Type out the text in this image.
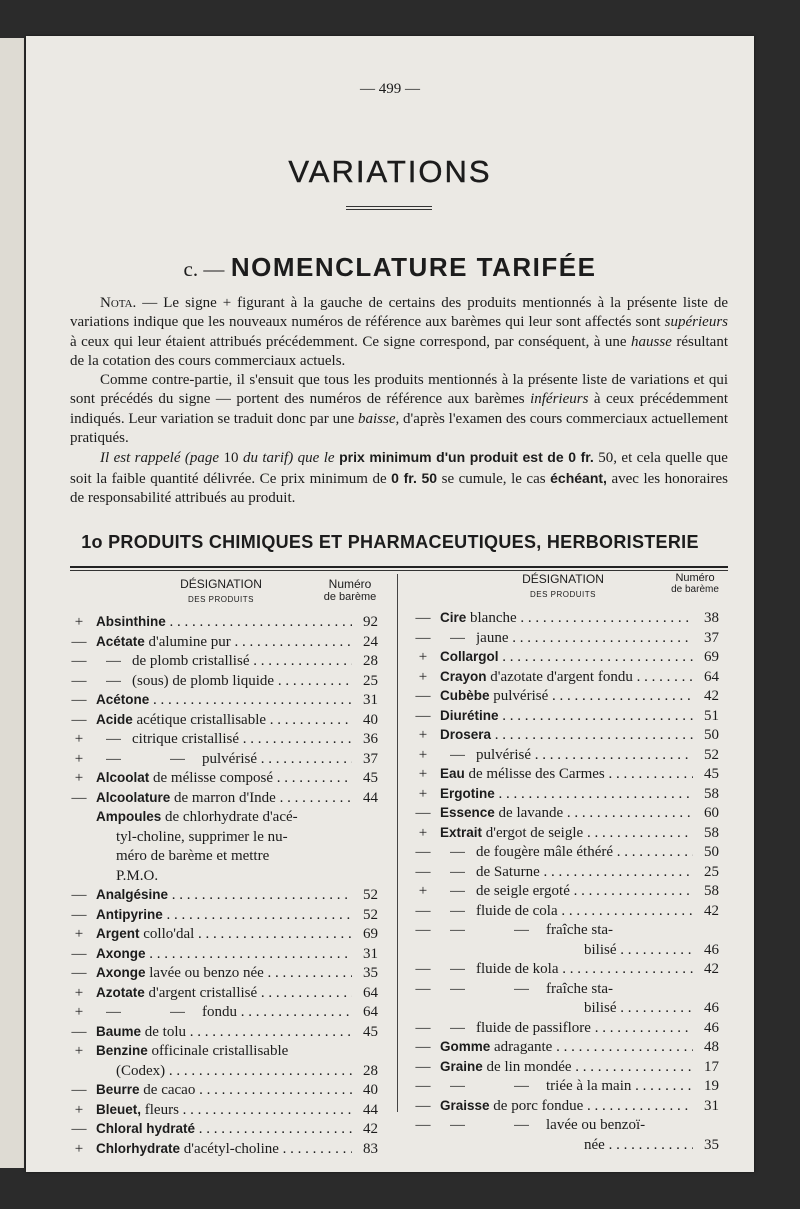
— 499 —
VARIATIONS
c. — NOMENCLATURE TARIFÉE

Nota. — Le signe + figurant à la gauche de certains des produits mentionnés à la présente liste de variations indique que les nouveaux numéros de référence aux barèmes qui leur sont affectés sont supérieurs à ceux qui leur étaient attribués précédemment. Ce signe correspond, par conséquent, à une hausse résultant de la cotation des cours commerciaux actuels.

Comme contre-partie, il s'ensuit que tous les produits mentionnés à la présente liste de variations et qui sont précédés du signe — portent des numéros de référence aux barèmes inférieurs à ceux précédemment indiqués. Leur variation se traduit donc par une baisse, d'après l'examen des cours commerciaux actuellement pratiqués.

Il est rappelé (page 10 du tarif) que le prix minimum d'un produit est de 0 fr. 50, et cela quelle que soit la faible quantité délivrée. Ce prix minimum de 0 fr. 50 se cumule, le cas échéant, avec les honoraires de responsabilité attribués au produit.

1o PRODUITS CHIMIQUES ET PHARMACEUTIQUES, HERBORISTERIE
DÉSIGNATION
DES PRODUITS
Numéro
de barème
DÉSIGNATION
DES PRODUITS
Numéro
de barème
+ Absinthine . . .	92
— Acétate d'alumine pur . . .	24
— — de plomb cristallisé . . .	28
— — (sous) de plomb liquide . . .	25
— Acétone . . .	31
— Acide acétique cristallisable . . .	40
+	— citrique cristallisé . . .	36
+	—	— pulvérisé . . .	37
+ Alcoolat de mélisse composé . . .	45
— Alcoolature de marron d'Inde . . .	44
Ampoules de chlorhydrate d'acé-
tyl-choline, supprimer le nu-
méro de barème et mettre
P.M.O.
— Analgésine . . .	52
— Antipyrine . . .	52
+ Argent collo'dal . . .	69
— Axonge . . .	31
— Axonge lavée ou benzo née . . .	35
+ Azotate d'argent cristallisé . . .	64
+	—	— fondu . . .	64
— Baume de tolu . . .	45
+ Benzine officinale cristallisable
(Codex) . . .	28
— Beurre de cacao . . .	40
+ Bleuet, fleurs . . .	44
— Chloral hydraté . . .	42
+ Chlorhydrate d'acétyl-choline . . .	83
— Cire blanche . . .	38
— — jaune . . .	37
+ Collargol . . .	69
+ Crayon d'azotate d'argent fondu . . .	64
— Cubèbe pulvérisé . . .	42
— Diurétine . . .	51
+ Drosera . . .	50
+	— pulvérisé . . .	52
+ Eau de mélisse des Carmes . . .	45
+ Ergotine . . .	58
— Essence de lavande . . .	60
+ Extrait d'ergot de seigle . . .	58
— — de fougère mâle éthéré . . .	50
— — de Saturne . . .	25
+	— de seigle ergoté . . .	58
— — fluide de cola . . .	42
— —	— fraîche sta-
bilisé . . .	46
— — fluide de kola . . .	42
— —	— fraîche sta-
bilisé . . .	46
— — fluide de passiflore . . .	46
— Gomme adragante . . .	48
— Graine de lin mondée . . .	17
— —	— triée à la main . . .	19
— Graisse de porc fondue . . .	31
— —	— lavée ou benzoï-
née . . .	35
